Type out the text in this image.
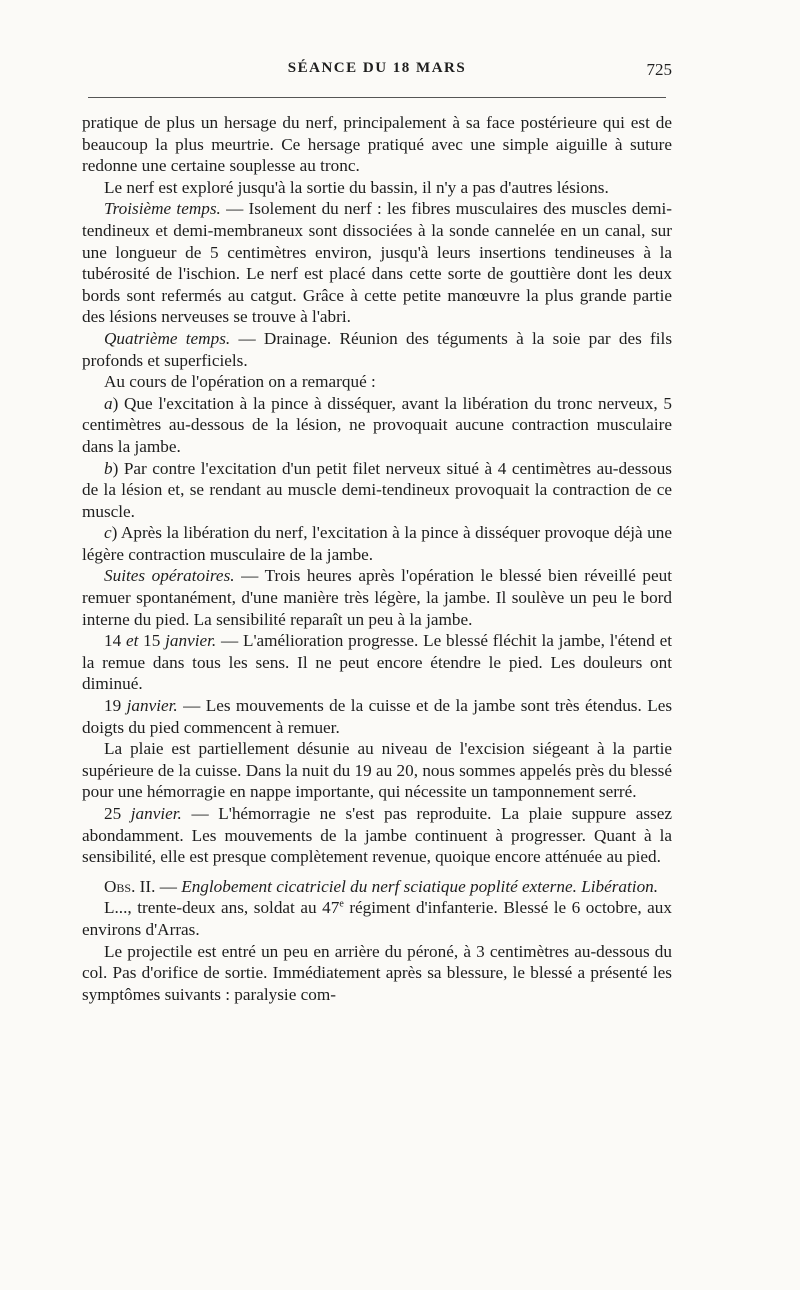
SÉANCE DU 18 MARS	725

pratique de plus un hersage du nerf, principalement à sa face postérieure qui est de beaucoup la plus meurtrie. Ce hersage pratiqué avec une simple aiguille à suture redonne une certaine souplesse au tronc.

Le nerf est exploré jusqu'à la sortie du bassin, il n'y a pas d'autres lésions.

Troisième temps. — Isolement du nerf : les fibres musculaires des muscles demi-tendineux et demi-membraneux sont dissociées à la sonde cannelée en un canal, sur une longueur de 5 centimètres environ, jusqu'à leurs insertions tendineuses à la tubérosité de l'ischion. Le nerf est placé dans cette sorte de gouttière dont les deux bords sont refermés au catgut. Grâce à cette petite manœuvre la plus grande partie des lésions nerveuses se trouve à l'abri.

Quatrième temps. — Drainage. Réunion des téguments à la soie par des fils profonds et superficiels.

Au cours de l'opération on a remarqué :

a) Que l'excitation à la pince à disséquer, avant la libération du tronc nerveux, 5 centimètres au-dessous de la lésion, ne provoquait aucune contraction musculaire dans la jambe.

b) Par contre l'excitation d'un petit filet nerveux situé à 4 centimètres au-dessous de la lésion et, se rendant au muscle demi-tendineux provoquait la contraction de ce muscle.

c) Après la libération du nerf, l'excitation à la pince à disséquer provoque déjà une légère contraction musculaire de la jambe.

Suites opératoires. — Trois heures après l'opération le blessé bien réveillé peut remuer spontanément, d'une manière très légère, la jambe. Il soulève un peu le bord interne du pied. La sensibilité reparaît un peu à la jambe.

14 et 15 janvier. — L'amélioration progresse. Le blessé fléchit la jambe, l'étend et la remue dans tous les sens. Il ne peut encore étendre le pied. Les douleurs ont diminué.

19 janvier. — Les mouvements de la cuisse et de la jambe sont très étendus. Les doigts du pied commencent à remuer.

La plaie est partiellement désunie au niveau de l'excision siégeant à la partie supérieure de la cuisse. Dans la nuit du 19 au 20, nous sommes appelés près du blessé pour une hémorragie en nappe importante, qui nécessite un tamponnement serré.

25 janvier. — L'hémorragie ne s'est pas reproduite. La plaie suppure assez abondamment. Les mouvements de la jambe continuent à progresser. Quant à la sensibilité, elle est presque complètement revenue, quoique encore atténuée au pied.

Obs. II. — Englobement cicatriciel du nerf sciatique poplité externe. Libération.

L..., trente-deux ans, soldat au 47e régiment d'infanterie. Blessé le 6 octobre, aux environs d'Arras.

Le projectile est entré un peu en arrière du péroné, à 3 centimètres au-dessous du col. Pas d'orifice de sortie. Immédiatement après sa blessure, le blessé a présenté les symptômes suivants : paralysie com-
